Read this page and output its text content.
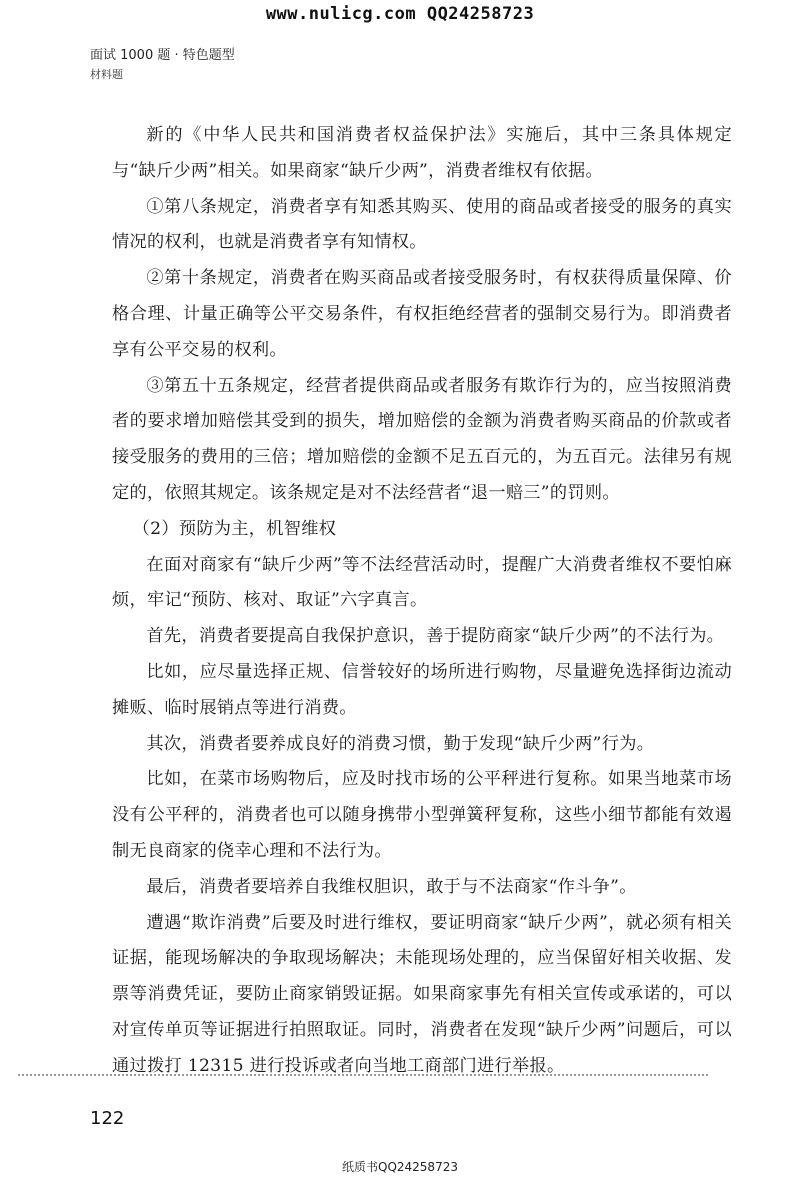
www.nulicg.com QQ24258723
面试 1000 题 · 特色题型
材料题

新的《中华人民共和国消费者权益保护法》实施后，其中三条具体规定与“缺斤少两”相关。如果商家“缺斤少两”，消费者维权有依据。

①第八条规定，消费者享有知悉其购买、使用的商品或者接受的服务的真实情况的权利，也就是消费者享有知情权。

②第十条规定，消费者在购买商品或者接受服务时，有权获得质量保障、价格合理、计量正确等公平交易条件，有权拒绝经营者的强制交易行为。即消费者享有公平交易的权利。

③第五十五条规定，经营者提供商品或者服务有欺诈行为的，应当按照消费者的要求增加赔偿其受到的损失，增加赔偿的金额为消费者购买商品的价款或者接受服务的费用的三倍；增加赔偿的金额不足五百元的，为五百元。法律另有规定的，依照其规定。该条规定是对不法经营者“退一赔三”的罚则。

（2）预防为主，机智维权

在面对商家有“缺斤少两”等不法经营活动时，提醒广大消费者维权不要怕麻烦，牢记“预防、核对、取证”六字真言。

首先，消费者要提高自我保护意识，善于提防商家“缺斤少两”的不法行为。

比如，应尽量选择正规、信誉较好的场所进行购物，尽量避免选择街边流动摊贩、临时展销点等进行消费。

其次，消费者要养成良好的消费习惯，勤于发现“缺斤少两”行为。

比如，在菜市场购物后，应及时找市场的公平秤进行复称。如果当地菜市场没有公平秤的，消费者也可以随身携带小型弹簧秤复称，这些小细节都能有效遏制无良商家的侥幸心理和不法行为。

最后，消费者要培养自我维权胆识，敢于与不法商家“作斗争”。

遭遇“欺诈消费”后要及时进行维权，要证明商家“缺斤少两”，就必须有相关证据，能现场解决的争取现场解决；未能现场处理的，应当保留好相关收据、发票等消费凭证，要防止商家销毁证据。如果商家事先有相关宣传或承诺的，可以对宣传单页等证据进行拍照取证。同时，消费者在发现“缺斤少两”问题后，可以通过拨打 12315 进行投诉或者向当地工商部门进行举报。

122
纸质书QQ24258723
